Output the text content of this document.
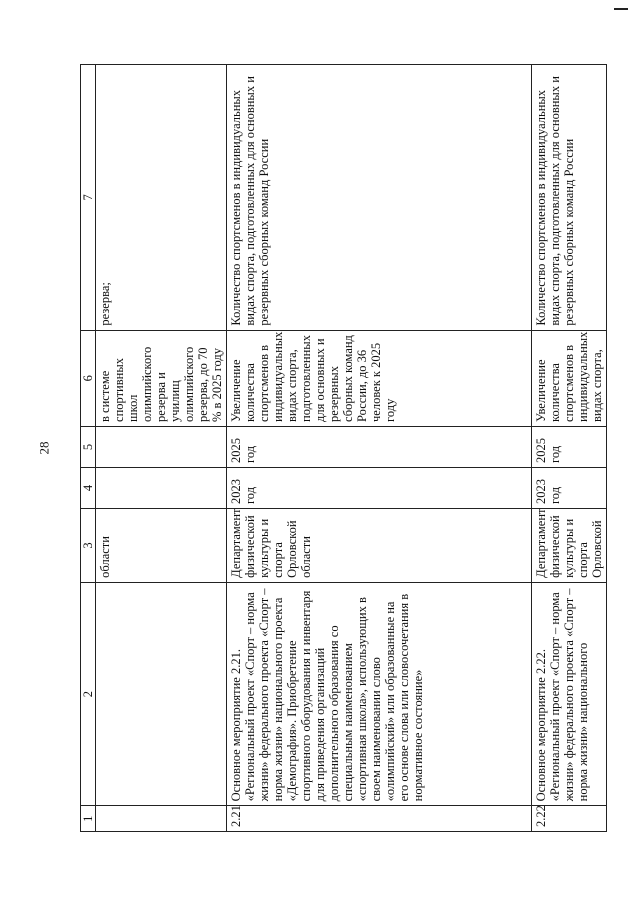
28
1	2	3	4	5	6	7
		области			в системе спортивных школ олимпийского резерва и училищ олимпийского резерва, до 70 % в 2025 году	резерва;
2.21	Основное мероприятие 2.21. «Региональный проект «Спорт – норма жизни» федерального проекта «Спорт – норма жизни» национального проекта «Демография». Приобретение спортивного оборудования и инвентаря для приведения организаций дополнительного образования со специальным наименованием «спортивная школа», использующих в своем наименовании слово «олимпийский» или образованные на его основе слова или словосочетания в нормативное состояние»	Департамент физической культуры и спорта Орловской области	2023 год	2025 год	Увеличение количества спортсменов в индивидуальных видах спорта, подготовленных для основных и резервных сборных команд России, до 36 человек к 2025 году	Количество спортсменов в индивидуальных видах спорта, подготовленных для основных и резервных сборных команд России
2.22	Основное мероприятие 2.22. «Региональный проект «Спорт – норма жизни» федерального проекта «Спорт – норма жизни» национального	Департамент физической культуры и спорта Орловской	2023 год	2025 год	Увеличение количества спортсменов в индивидуальных видах спорта,	Количество спортсменов в индивидуальных видах спорта, подготовленных для основных и резервных сборных команд России
